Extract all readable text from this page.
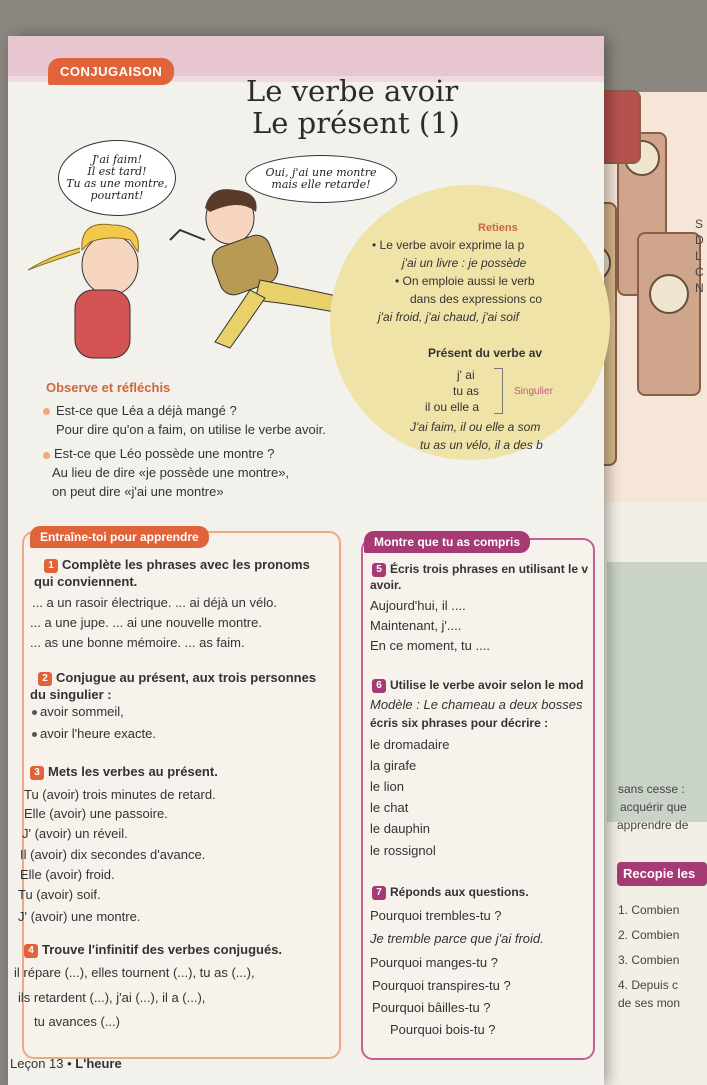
S
D
L
C
N
sans cesse :
acquérir que
apprendre de
Recopie les
1. Combien
2. Combien
3. Combien
4. Depuis c
de ses mon
CONJUGAISON
Le verbe avoir
Le présent (1)
J'ai faim!
Il est tard!
Tu as une montre,
pourtant!
Oui, j'ai une montre
mais elle retarde!
Retiens
• Le verbe avoir exprime la p
j'ai un livre : je possède
• On emploie aussi le verb
dans des expressions co
j'ai froid, j'ai chaud, j'ai soif
Présent du verbe av
j' ai
tu as
il ou elle a
Singulier
J'ai faim, il ou elle a som
tu as un vélo, il a des b
Observe et réfléchis
Est-ce que Léa a déjà mangé ?
Pour dire qu'on a faim, on utilise le verbe avoir.
Est-ce que Léo possède une montre ?
Au lieu de dire «je possède une montre»,
on peut dire «j'ai une montre»
Entraîne-toi pour apprendre
1 Complète les phrases avec les pronoms
qui conviennent.
... a un rasoir électrique. ... ai déjà un vélo.
... a une jupe. ... ai une nouvelle montre.
... as une bonne mémoire. ... as faim.
2 Conjugue au présent, aux trois personnes
du singulier :
avoir sommeil,
avoir l'heure exacte.
3 Mets les verbes au présent.
Tu (avoir) trois minutes de retard.
Elle (avoir) une passoire.
J' (avoir) un réveil.
Il (avoir) dix secondes d'avance.
Elle (avoir) froid.
Tu (avoir) soif.
J' (avoir) une montre.
4 Trouve l'infinitif des verbes conjugués.
il répare (...), elles tournent (...), tu as (...),
ils retardent (...), j'ai (...), il a (...),
tu avances (...)
Montre que tu as compris
5 Écris trois phrases en utilisant le v
avoir.
Aujourd'hui, il ....
Maintenant, j'....
En ce moment, tu ....
6 Utilise le verbe avoir selon le mod
Modèle : Le chameau a deux bosses
écris six phrases pour décrire :
le dromadaire
la girafe
le lion
le chat
le dauphin
le rossignol
7 Réponds aux questions.
Pourquoi trembles-tu ?
Je tremble parce que j'ai froid.
Pourquoi manges-tu ?
Pourquoi transpires-tu ?
Pourquoi bâilles-tu ?
Pourquoi bois-tu ?
Leçon 13 • L'heure
